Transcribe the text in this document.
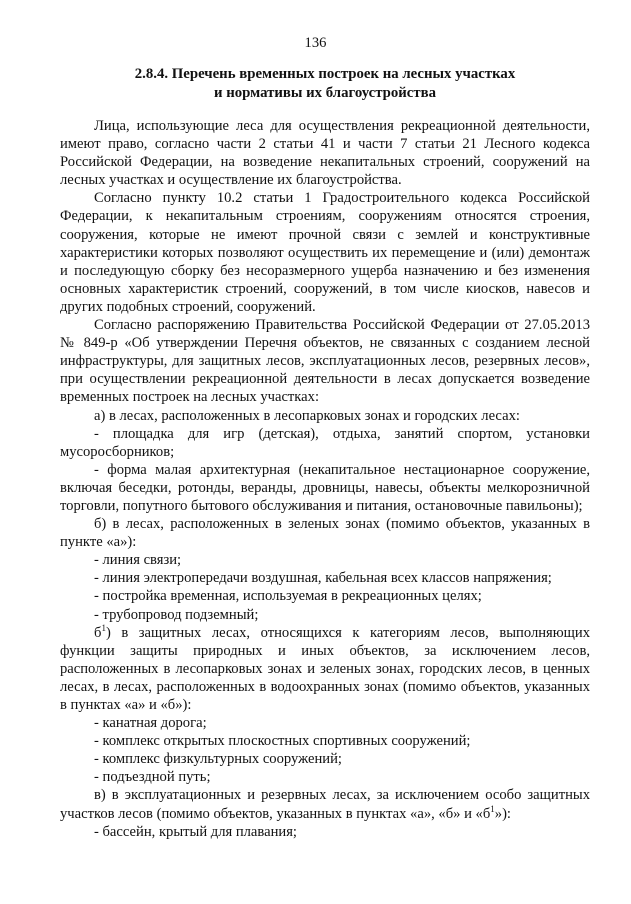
136
2.8.4. Перечень временных построек на лесных участках
и нормативы их благоустройства

Лица, использующие леса для осуществления рекреационной деятельности, имеют право, согласно части 2 статьи 41 и части 7 статьи 21 Лесного кодекса Российской Федерации, на возведение некапитальных строений, сооружений на лесных участках и осуществление их благоустройства.

Согласно пункту 10.2 статьи 1 Градостроительного кодекса Российской Федерации, к некапитальным строениям, сооружениям относятся строения, сооружения, которые не имеют прочной связи с землей и конструктивные характеристики которых позволяют осуществить их перемещение и (или) демонтаж и последующую сборку без несоразмерного ущерба назначению и без изменения основных характеристик строений, сооружений, в том числе киосков, навесов и других подобных строений, сооружений.

Согласно распоряжению Правительства Российской Федерации от 27.05.2013 № 849-р «Об утверждении Перечня объектов, не связанных с созданием лесной инфраструктуры, для защитных лесов, эксплуатационных лесов, резервных лесов», при осуществлении рекреационной деятельности в лесах допускается возведение временных построек на лесных участках:

а) в лесах, расположенных в лесопарковых зонах и городских лесах:

- площадка для игр (детская), отдыха, занятий спортом, установки мусоросборников;

- форма малая архитектурная (некапитальное нестационарное сооружение, включая беседки, ротонды, веранды, дровницы, навесы, объекты мелкорозничной торговли, попутного бытового обслуживания и питания, остановочные павильоны);

б) в лесах, расположенных в зеленых зонах (помимо объектов, указанных в пункте «а»):

- линия связи;

- линия электропередачи воздушная, кабельная всех классов напряжения;

- постройка временная, используемая в рекреационных целях;

- трубопровод подземный;

$б^1$) в защитных лесах, относящихся к категориям лесов, выполняющих функции защиты природных и иных объектов, за исключением лесов, расположенных в лесопарковых зонах и зеленых зонах, городских лесов, в ценных лесах, в лесах, расположенных в водоохранных зонах (помимо объектов, указанных в пунктах «а» и «б»):

- канатная дорога;

- комплекс открытых плоскостных спортивных сооружений;

- комплекс физкультурных сооружений;

- подъездной путь;

в) в эксплуатационных и резервных лесах, за исключением особо защитных участков лесов (помимо объектов, указанных в пунктах «а», «б» и «$б^1$»):

- бассейн, крытый для плавания;
